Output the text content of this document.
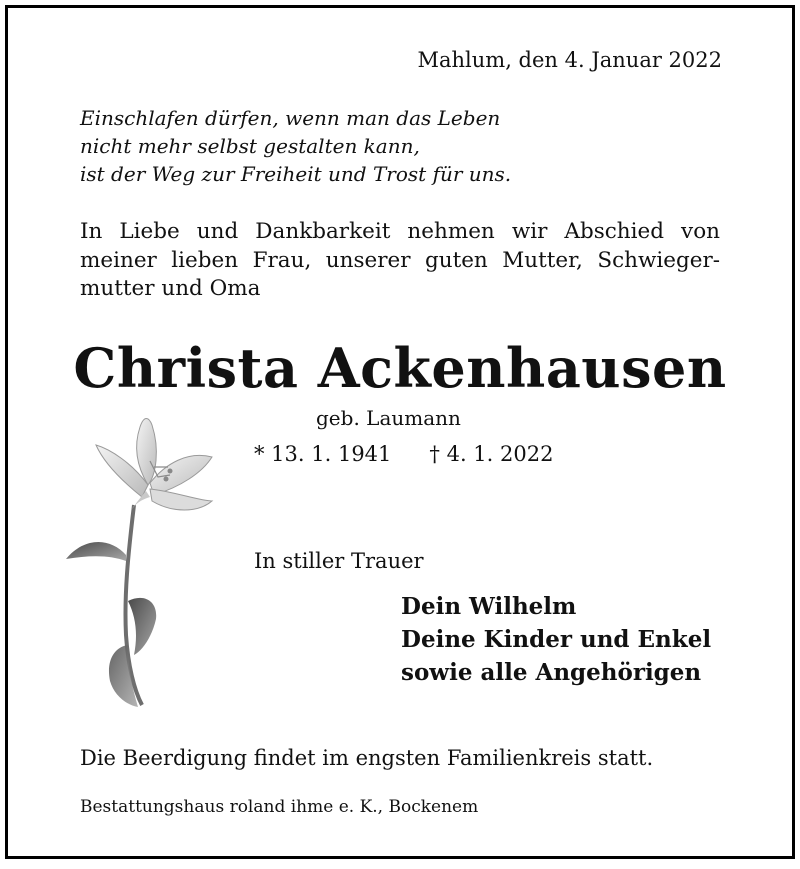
Mahlum, den 4. Januar 2022
Einschlafen dürfen, wenn man das Leben
nicht mehr selbst gestalten kann,
ist der Weg zur Freiheit und Trost für uns.
In Liebe und Dankbarkeit nehmen wir Abschied von
meiner lieben Frau, unserer guten Mutter, Schwieger-
mutter und Oma
Christa Ackenhausen
geb. Laumann
* 13. 1. 1941 † 4. 1. 2022
In stiller Trauer
Dein Wilhelm
Deine Kinder und Enkel
sowie alle Angehörigen
Die Beerdigung findet im engsten Familienkreis statt.
Bestattungshaus roland ihme e. K., Bockenem
